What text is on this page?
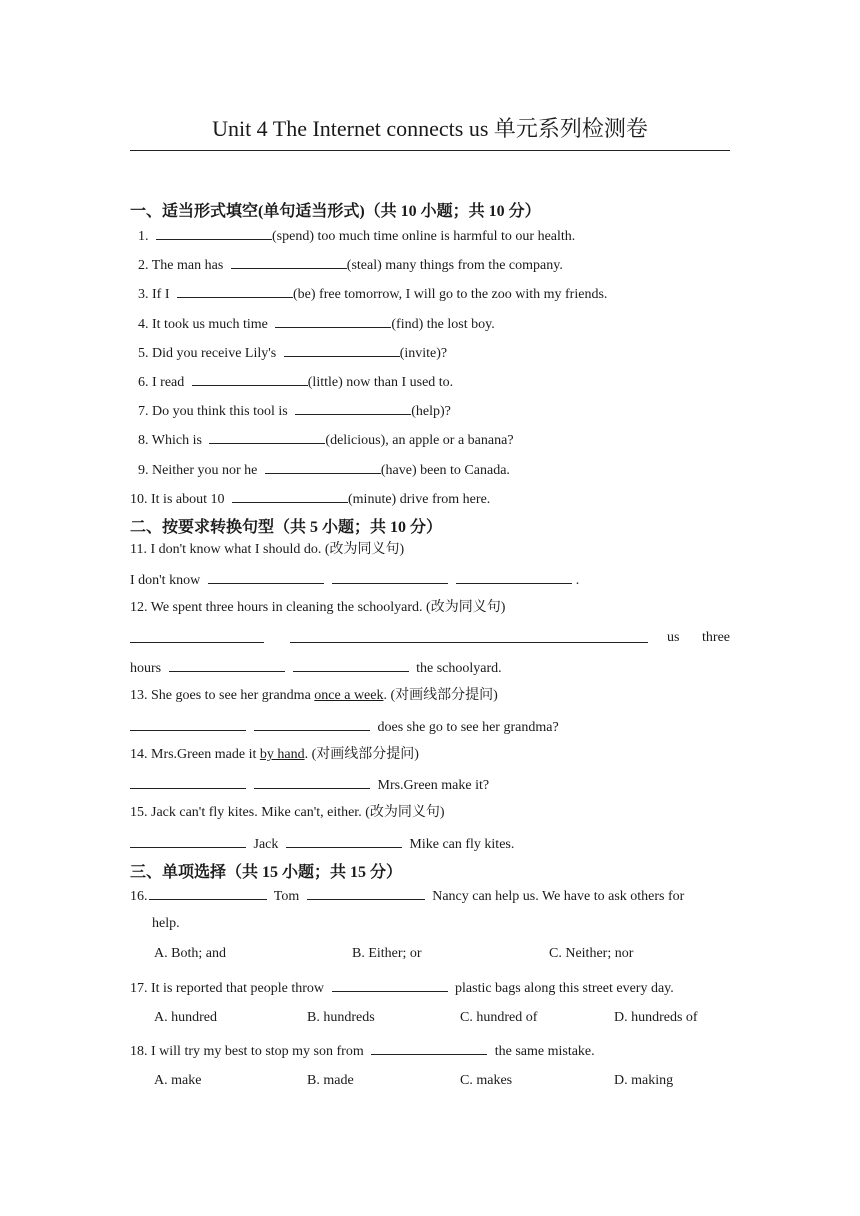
Unit 4 The Internet connects us 单元系列检测卷
一、适当形式填空(单句适当形式)（共 10 小题；共 10 分）
1.	(spend) too much time online is harmful to our health.
2. The man has	(steal) many things from the company.
3. If I	(be) free tomorrow, I will go to the zoo with my friends.
4. It took us much time	(find) the lost boy.
5. Did you receive Lily's	(invite)?
6. I read	(little) now than I used to.
7. Do you think this tool is	(help)?
8. Which is	(delicious), an apple or a banana?
9. Neither you nor he	(have) been to Canada.
10. It is about 10	(minute) drive from here.
二、按要求转换句型（共 5 小题；共 10 分）
11. I don't know what I should do. (改为同义句)
I don't know	.
12. We spent three hours in cleaning the schoolyard. (改为同义句)

us three
hours	the schoolyard.
13. She goes to see her grandma once a week. (对画线部分提问)
does she go to see her grandma?
14. Mrs.Green made it by hand. (对画线部分提问)
Mrs.Green make it?
15. Jack can't fly kites. Mike can't, either. (改为同义句)
Jack	Mike can fly kites.
三、单项选择（共 15 小题；共 15 分）
16.	Tom	Nancy can help us. We have to ask others for
help.
A. Both; and	B. Either; or	C. Neither; nor
17. It is reported that people throw	plastic bags along this street every day.
A. hundred	B. hundreds	C. hundred of	D. hundreds of
18. I will try my best to stop my son from	the same mistake.
A. make	B. made	C. makes	D. making
